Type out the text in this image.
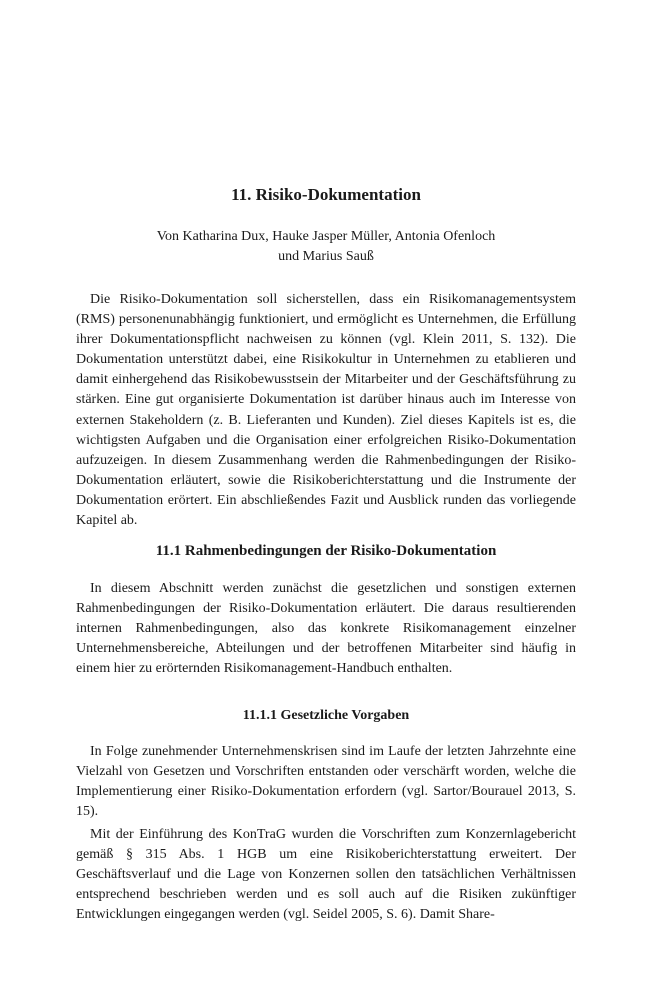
11. Risiko-Dokumentation
Von Katharina Dux, Hauke Jasper Müller, Antonia Ofenloch
und Marius Sauß

Die Risiko-Dokumentation soll sicherstellen, dass ein Risikomanagementsystem (RMS) personenunabhängig funktioniert, und ermöglicht es Unternehmen, die Erfüllung ihrer Dokumentationspflicht nachweisen zu können (vgl. Klein 2011, S. 132). Die Dokumentation unterstützt dabei, eine Risikokultur in Unternehmen zu etablieren und damit einhergehend das Risikobewusstsein der Mitarbeiter und der Geschäftsführung zu stärken. Eine gut organisierte Dokumentation ist darüber hinaus auch im Interesse von externen Stakeholdern (z. B. Lieferanten und Kunden). Ziel dieses Kapitels ist es, die wichtigsten Aufgaben und die Organisation einer erfolgreichen Risiko-Dokumentation aufzuzeigen. In diesem Zusammenhang werden die Rahmenbedingungen der Risiko-Dokumentation erläutert, sowie die Risikoberichterstattung und die Instrumente der Dokumentation erörtert. Ein abschließendes Fazit und Ausblick runden das vorliegende Kapitel ab.

11.1 Rahmenbedingungen der Risiko-Dokumentation

In diesem Abschnitt werden zunächst die gesetzlichen und sonstigen externen Rahmenbedingungen der Risiko-Dokumentation erläutert. Die daraus resultierenden internen Rahmenbedingungen, also das konkrete Risikomanagement einzelner Unternehmensbereiche, Abteilungen und der betroffenen Mitarbeiter sind häufig in einem hier zu erörternden Risikomanagement-Handbuch enthalten.

11.1.1 Gesetzliche Vorgaben

In Folge zunehmender Unternehmenskrisen sind im Laufe der letzten Jahrzehnte eine Vielzahl von Gesetzen und Vorschriften entstanden oder verschärft worden, welche die Implementierung einer Risiko-Dokumentation erfordern (vgl. Sartor/Bourauel 2013, S. 15).

Mit der Einführung des KonTraG wurden die Vorschriften zum Konzernlagebericht gemäß § 315 Abs. 1 HGB um eine Risikoberichterstattung erweitert. Der Geschäftsverlauf und die Lage von Konzernen sollen den tatsächlichen Verhältnissen entsprechend beschrieben werden und es soll auch auf die Risiken zukünftiger Entwicklungen eingegangen werden (vgl. Seidel 2005, S. 6). Damit Share-
